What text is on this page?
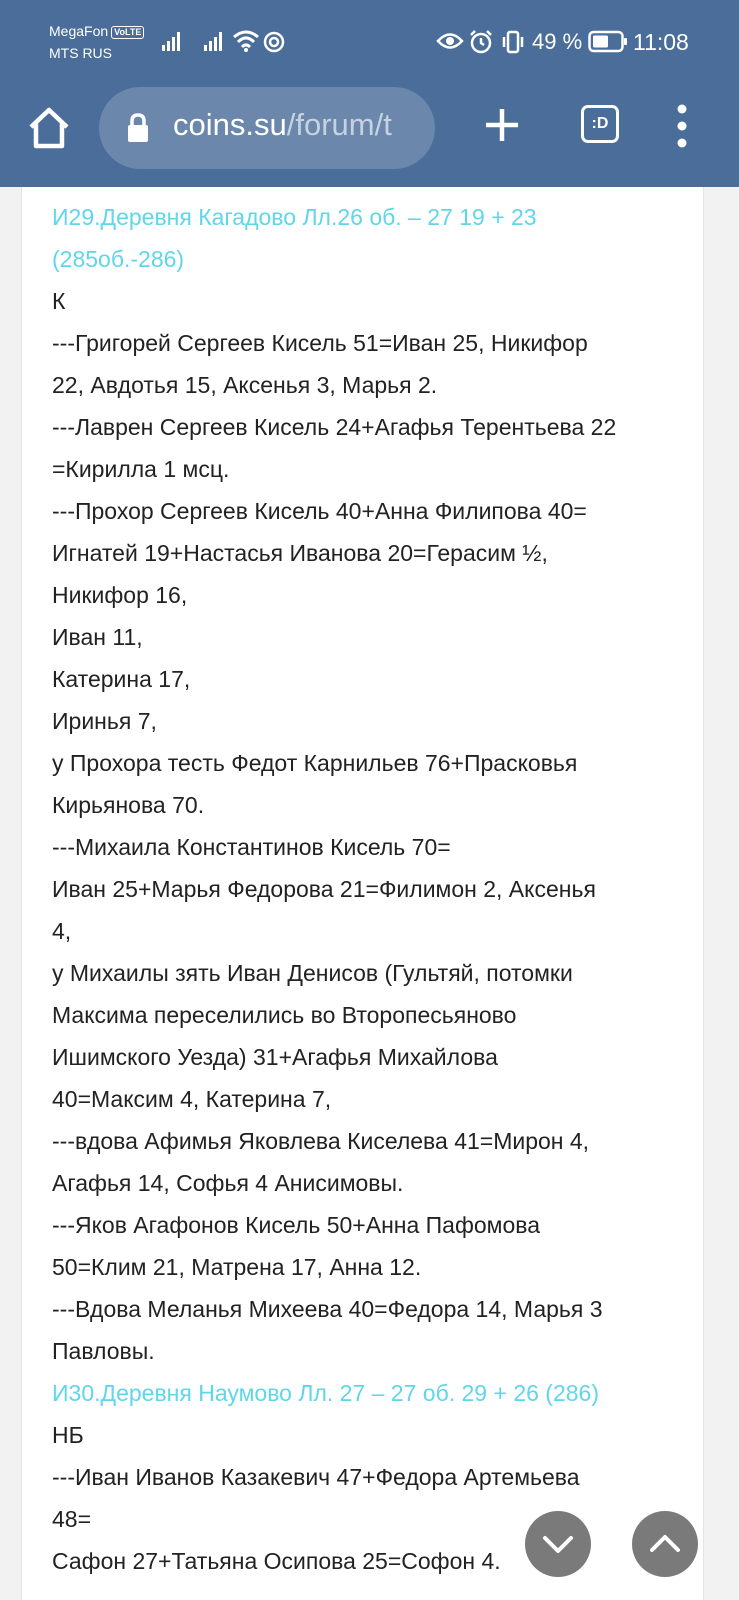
MegaFon VoLTE
MTS RUS	49 % 11:08
coins.su/forum/t	:D
И29.Деревня Кагадово Лл.26 об. – 27 19 + 23
(285об.-286)
К
---Григорей Сергеев Кисель 51=Иван 25, Никифор
22, Авдотья 15, Аксенья 3, Марья 2.
---Лаврен Сергеев Кисель 24+Агафья Терентьева 22
=Кирилла 1 мсц.
---Прохор Сергеев Кисель 40+Анна Филипова 40=
Игнатей 19+Настасья Иванова 20=Герасим ½,
Никифор 16,
Иван 11,
Катерина 17,
Иринья 7,
у Прохора тесть Федот Карнильев 76+Прасковья
Кирьянова 70.
---Михаила Константинов Кисель 70=
Иван 25+Марья Федорова 21=Филимон 2, Аксенья
4,
у Михаилы зять Иван Денисов (Гультяй, потомки
Максима переселились во Второпесьяново
Ишимского Уезда) 31+Агафья Михайлова
40=Максим 4, Катерина 7,
---вдова Афимья Яковлева Киселева 41=Мирон 4,
Агафья 14, Софья 4 Анисимовы.
---Яков Агафонов Кисель 50+Анна Пафомова
50=Клим 21, Матрена 17, Анна 12.
---Вдова Меланья Михеева 40=Федора 14, Марья 3
Павловы.
И30.Деревня Наумово Лл. 27 – 27 об. 29 + 26 (286)
НБ
---Иван Иванов Казакевич 47+Федора Артемьева
48=
Сафон 27+Татьяна Осипова 25=Софон 4.
